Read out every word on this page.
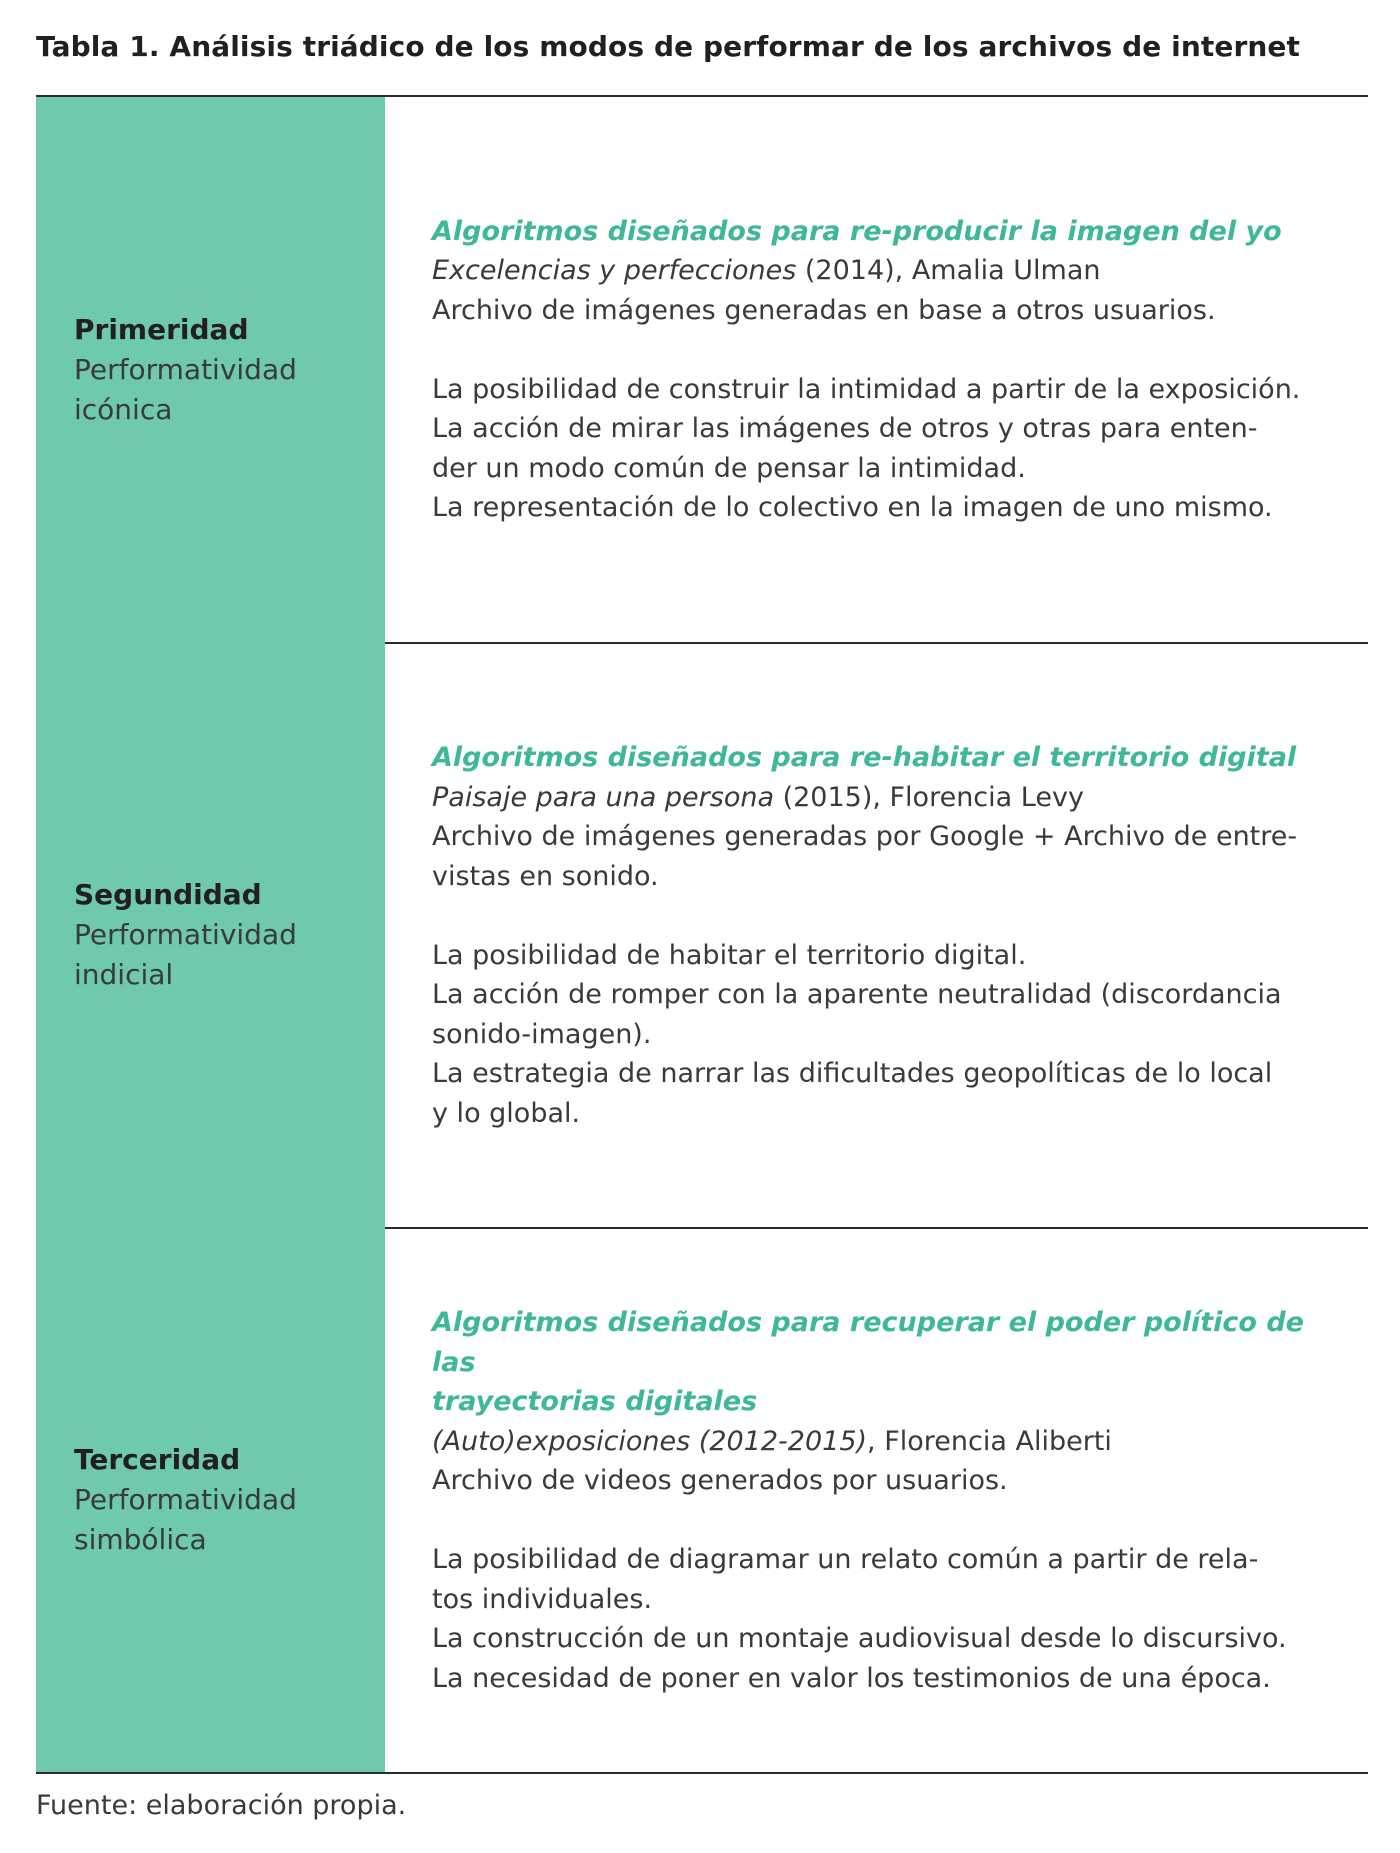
Tabla 1. Análisis triádico de los modos de performar de los archivos de internet
Primeridad
Performatividad icónica

Algoritmos diseñados para re-producir la imagen del yo

Excelencias y perfecciones (2014), Amalia Ulman

Archivo de imágenes generadas en base a otros usuarios.

La posibilidad de construir la intimidad a partir de la exposición.

La acción de mirar las imágenes de otros y otras para enten-
der un modo común de pensar la intimidad.

La representación de lo colectivo en la imagen de uno mismo.

Segundidad
Performatividad indicial

Algoritmos diseñados para re-habitar el territorio digital

Paisaje para una persona (2015), Florencia Levy

Archivo de imágenes generadas por Google + Archivo de entre-
vistas en sonido.

La posibilidad de habitar el territorio digital.

La acción de romper con la aparente neutralidad (discordancia
sonido-imagen).

La estrategia de narrar las dificultades geopolíticas de lo local
y lo global.

Terceridad
Performatividad simbólica

Algoritmos diseñados para recuperar el poder político de las
trayectorias digitales

(Auto)exposiciones (2012-2015), Florencia Aliberti

Archivo de videos generados por usuarios.

La posibilidad de diagramar un relato común a partir de rela-
tos individuales.

La construcción de un montaje audiovisual desde lo discursivo.

La necesidad de poner en valor los testimonios de una época.

Fuente: elaboración propia.
